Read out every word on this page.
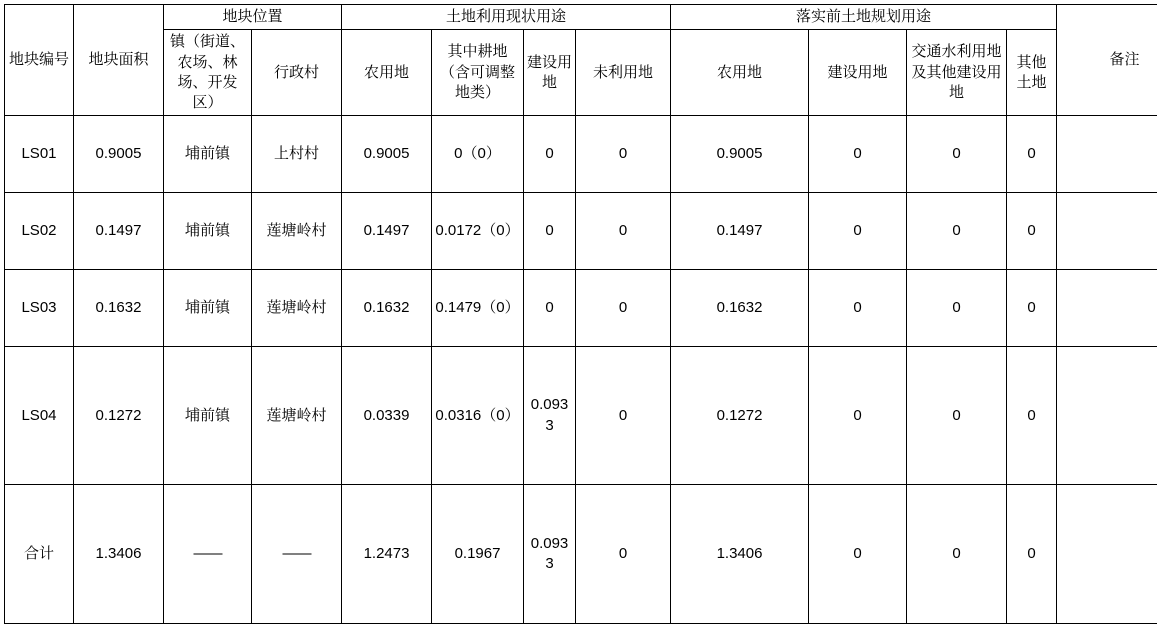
地块编号	地块面积	地块位置		土地利用现状用途				落实前土地规划用途				备注
		镇（街道、农场、林场、开发区）	行政村	农用地	其中耕地（含可调整地类）	建设用地	未利用地	农用地	建设用地	交通水利用地及其他建设用地	其他土地	
LS01	0.9005	埔前镇	上村村	0.9005	0（0）	0	0	0.9005	0	0	0	
LS02	0.1497	埔前镇	莲塘岭村	0.1497	0.0172（0）	0	0	0.1497	0	0	0	
LS03	0.1632	埔前镇	莲塘岭村	0.1632	0.1479（0）	0	0	0.1632	0	0	0	
LS04	0.1272	埔前镇	莲塘岭村	0.0339	0.0316（0）	0.0933	0	0.1272	0	0	0	
合计	1.3406	——	——	1.2473	0.1967	0.0933	0	1.3406	0	0	0	
